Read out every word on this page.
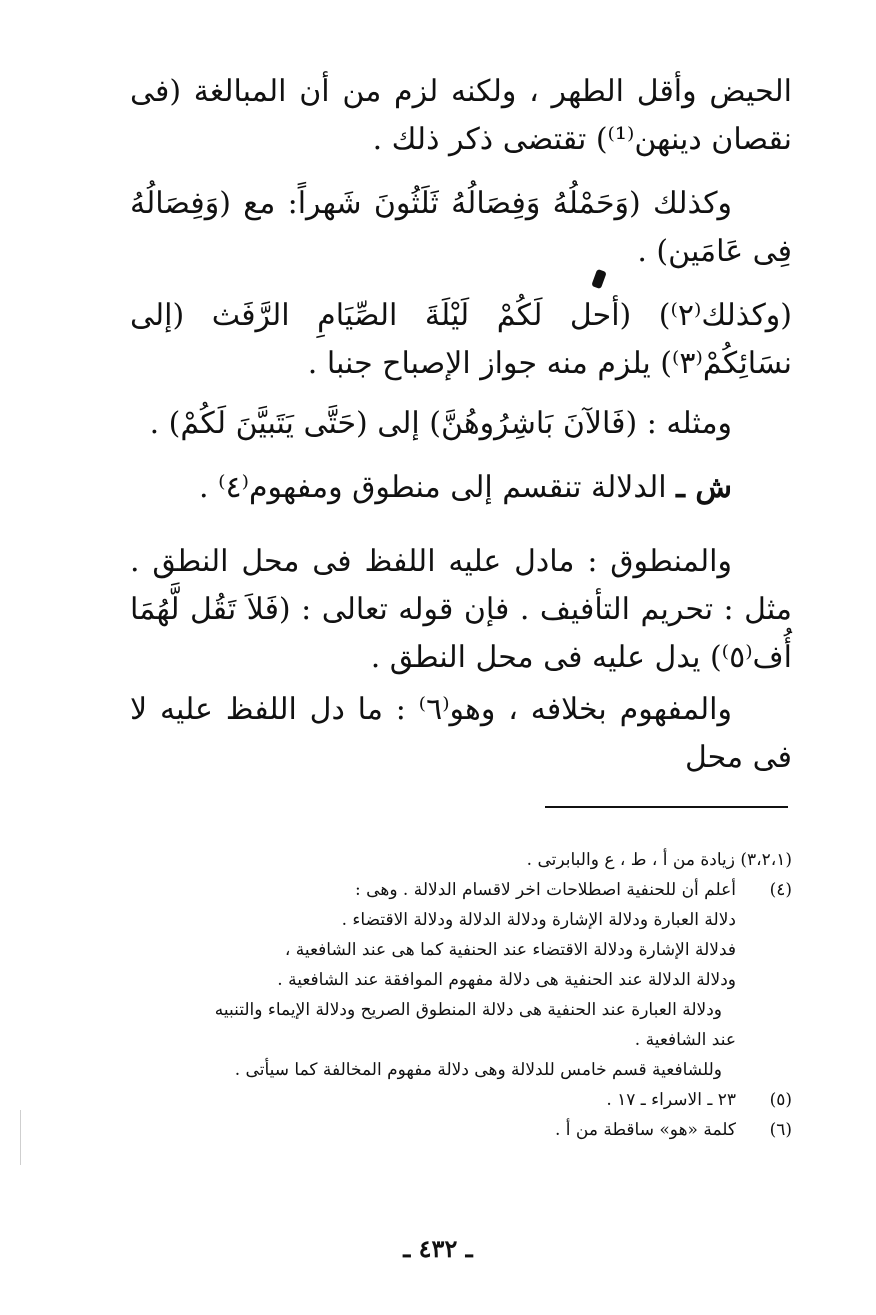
الحيض وأقل الطهر ، ولكنه لزم من أن المبالغة (فى نقصان دينهن⁽¹⁾) تقتضى ذكر ذلك .

وكذلك (وَحَمْلُهُ وَفِصَالُهُ ثَلَثُونَ شَهراً: مع (وَفِصَالُهُ فِى عَامَين) .

(وكذلك⁽٢⁾) (أحل لَكُمْ لَيْلَةَ الصِّيَامِ الرَّفَث (إلى نسَائِكُمْ⁽٣⁾) يلزم منه جواز الإصباح جنبا .

ومثله : (فَالآنَ بَاشِرُوهُنَّ) إلى (حَتَّى يَتَبيَّنَ لَكُمْ) .

ش ـ الدلالة تنقسم إلى منطوق ومفهوم⁽٤⁾ .

والمنطوق : مادل عليه اللفظ فى محل النطق . مثل : تحريم التأفيف . فإن قوله تعالى : (فَلاَ تَقُل لَّهُمَا أُف⁽٥⁾) يدل عليه فى محل النطق .

والمفهوم بخلافه ، وهو⁽٦⁾ : ما دل اللفظ عليه لا فى محل

(٣،٢،١) زيادة من أ ، ط ، ع والبابرتى .
(٤)أعلم أن للحنفية اصطلاحات اخر لاقسام الدلالة . وهى :
دلالة العبارة ودلالة الإشارة ودلالة الدلالة ودلالة الاقتضاء .
فدلالة الإشارة ودلالة الاقتضاء عند الحنفية كما هى عند الشافعية ،
ودلالة الدلالة عند الحنفية هى دلالة مفهوم الموافقة عند الشافعية .
ودلالة العبارة عند الحنفية هى دلالة المنطوق الصريح ودلالة الإيماء والتنبيه
عند الشافعية .
وللشافعية قسم خامس للدلالة وهى دلالة مفهوم المخالفة كما سيأتى .
(٥)٢٣ ـ الاسراء ـ ١٧ .
(٦)كلمة «هو» ساقطة من أ .
ـ ٤٣٢ ـ
